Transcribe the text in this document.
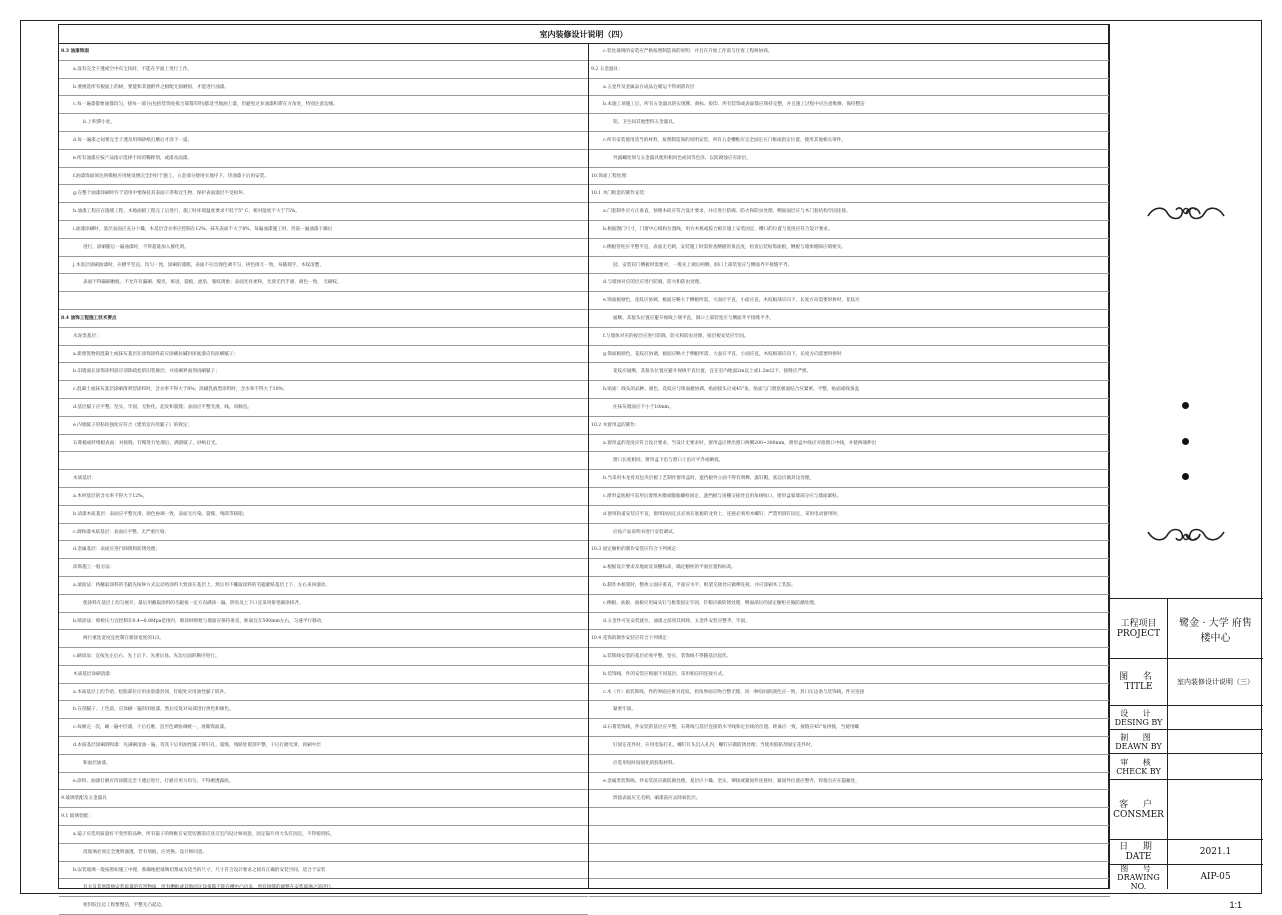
室内装修设计说明（四）
8.3 油漆饰面
a.没有完全干透或空中有尘扶时，不能在平面上进行工作。
b.要挑选所有板面上的树，要能和其他附件之相配无损磨损，才能进行油漆。
c.每一遍漆都要油都均匀，接每一部分(包括装饰处接合部都有明)都适当地油上漆，但避免过多油漆积滞在方角处，特别注意边缘。
b.上积滞小处。
d.每一遍漆之间要完全干透及用细砂纸打磨后才涂下一道。
e.所有油漆应按产品指示选择不同的稀释剂，或漆及面漆。
f.油漆饰面须达到模板应用统设图完全封好于施工，五金部分使用实地序下，待油漆干后再安装。
g.在整个油漆涂刷时许于适用中要保持其表面干净和宜生物，保护表面漆层不受损坏。
h.油漆工程应在施墙工程，木地面板工程完工后进行，施工时环境温度要求不低于5° C，相对湿度不大于75%。
i.油漆涂刷时，基层表面应充分干燥，木基层含水率应控制在12%，抹灰表面不大于8%，每遍油漆施工时，待前一遍油漆干燥后
进行，涂刷随后一遍油漆时，不得超量加入催化剂。
j.木基层涂刷油漆时，应横平竖直，均匀一致，涂刷的漆膜，表面不应出现色调不匀，拼色排互一致，每随现手，木纹清楚，
表面不得漏刷磨痕，不允许有漏刷、脱皮、斑迹、裂痕、流坠、皱纹现象；表面光亮柔和，光滑无挡手感，颜色一致， 无刷纹。
8.4 油饰工程施工技术要点
水泥类基层：
a.新建筑物的混凝土或抹灰基层在涂饰涂料前应涂刷抗碱封闭底漆应均涂刷腻子；
b.旧墙面在涂饰涂料前应清除疏松的旧装修层，并涂刷界面剂再刷腻子；
c.混凝土或抹灰基层涂刷溶剂型涂料时，含水率不得大于8%；涂刷乳液型涂料时，含水率不得大于10%；
d.基层腻子应平整、坚实、牢固，无粉化、起皮和裂缝；表面应平整光滑，线、角顺直。
e.内墙腻子的粘结强度应符合《建筑室内用腻子》的规定；
石膏板或纤维板表面：对接缝、钉帽进行处理后，满刮腻子，砂纸打光。
木质基层：
a.木材基层的含水率不得大于12%。
b.清漆木质基层：表面应平整光滑，颜色协调一致，表面无污染、裂缝、残缺等缺陷；
c.调和漆木质基层：表面应平整、无严重污染；
d.金属基层：表面应进行除锈和防锈处理；
涂饰施工一般方法：
a.滚涂法：将蘸取涂料的毛辊先按W方式运动将涂料大致涂在基层上，然后用不蘸取涂料的毛辊紧贴基层上下、左右来回滚动，
使涂料在基层上均匀展开，最后用蘸取涂料的毛辊按一定方向满涂一遍，阴角及上下口宜采用排笔刷涂找齐。
b.喷涂法：喷枪压力宜控制在0.4~0.8Mpa范围内，喷涂时喷枪与墙面应保持垂直，距离宜在500mm左右，匀速平行移动，
两行重迭宽度宜控制在喷涂宽度的1/3。
c.刷涂法：宜按先左后右、先上后下、先难后易、先边后面的顺序进行。
木质基层涂刷清漆：
a.木质基层上的节疤、松脂部位应用虫胶漆封闭，钉眼处应用油性腻子嵌补。
b.在刮腻子、上色前，应涂刷一遍封闭底漆，然后反复对局部进行拼色和修色。
c.每修完一次，刷一遍中层漆，干后打磨，直至色调协调统一，再做饰面漆。
d.木质基层涂刷调和漆：先满刷清油一遍，待其干后用油性腻子将钉孔、裂缝、残缺处嵌刮平整，干后打磨光滑，再刷中层
和面层油漆。
e.涂料、油漆打磨应待涂膜完全干透后进行，打磨应用力均匀，不得磨透露底。
9.玻璃装配及五金器具
9.1 玻璃装配：
a.镜子应选用质量好不变形的品种，所有镜子的鲜框在安装切割前应送交室内设计师同意，固定镜片用大头钉固定，不得使用胶。
清玻璃必须完全透明通透，若有划痕，应更换。设计师同意。
b.安装玻璃一般按照如施工中理，准确地把玻璃切割成为适当的尺寸，尺寸符合设计要求之间有正确的安装空间，适合于安装
有关及其他影响安装质量的有害物质，所有槽框或其他固定设备都不能在槽中凸出来，所有接缝的调整在安装玻璃之前进行。
密封胶注边工程要整洁，平整无凸起边。
c.装化玻璃的安装应严格按照制造商的说明，并且在开始工作前与住客工程师协商。
9.2 五金器具：
a.五金件及金属品在成品仓储运不得剥落有层
b.本施工项施工后，所有五金器具的实现牌、商标、胶印、所有装饰或表面都应保持完整，并且施工过程中应注意维修，保持整洁
铝，卫生间其他塑料五金器具。
c.所有安装使用适当的材料，按照制造商的说明安装，所有五金槽框应完全固定在门框或指定位置，使用其他相关零件。
外露螺丝须与五金器具使用相同色或同等色泽，以防腐蚀应有涂层。
10.饰面工程处理：
10.1 木门框套的制作安装：
a.门套制作应方正垂直，预埋木砖应符合设计要求，并应进行防腐、防火和防虫处理，侧面面层应与木门套结构牢固连接。
b.根据图门尺寸，门窗中心线和位置线，用方木框或胶合板在墙上安装固定，槽口的位置与宽度应符合设计要求。
c.侧板管柱应平整平直，表面无毛刺，安装施工时需检查侧板的垂直度，检查后装贴饰面板，侧板与墙体缝隙应填密实。
园，安装铰门侧板时需要对，一般先上端后两侧，洞口上部装宽应与侧面齐平接缝平齐。
d.与墙体对应的层应进行防腐，防火和防虫处理。
e.饰面板颜色，花纹应协调，板面应略大于侧板所需，大面应平直，小面应直，木纹根部应向下，长度方向需要时拼时，花纹应
通顺，其接头位置应避开视线上端平直，洞口上部装宽应与侧面齐平接缝平齐。
f.与墙体对应的接层应进行防腐，防火和防虫处理，接层板安装应牢固。
g.饰面板颜色，花纹应协调，板面应略大于侧板所需，大面应平直，小面应直，木纹根部应向下，长度方向需要时拼时
花纹应通顺，其接头位置应避开视线平直位置，宜在室内地面2m以上或1.2m以下，接缝应严密。
h.贴面：线头的品种、颜色、花纹应与饰面板协调，贴面接头应成45°角，贴面与门窗套板面结合应紧密、平整，贴面或线条盖
住抹灰墙面应不小于10mm。
10.2 木窗帘盒的制作：
a.窗帘盒的宽度应符合设计要求，当设计无要求时，窗帘盒应伸出窗口两侧200~300mm，窗帘盒中线应对准窗口中线，并使两端伸出
窗口长度相同，窗帘盒下沿与窗口上沿应平齐或略低。
b.当采用木龙骨双包夹层板工艺制作窗帘盒时，遮挡板外立面不得有明榫、露钉帽，底边应做封边处理。
c.窗帘盒底板可采用后置埋木楔或膨胀螺栓固定，遮挡板与顶棚交接处宜用角线收口，窗帘盒靠墙部分应与墙面紧贴。
d.窗帘轨道安装应平直，窗帘轨固定点必须在底板的龙骨上，连接必须用木螺钉，严禁用圆钉固定，采用电动窗帘时，
应按产品说明书进行安装调试。
10.3 固定橱柜的制作安装应符合下列规定：
a.根据设计要求及地面及顶棚标高，确定橱柜的平面位置和标高。
b.制作木框架时，整体立面应垂直，平面应水平，框架交接处应做榫连接，并应涂刷木工乳胶。
c.侧板、底板、面板应用扁头钉与框架固定牢固，钉帽应做防锈处理，侧面部位的固定橱柜应做防潮处理。
d.五金件可先安装就位，油漆之前将其拆除，五金件安装应整齐，牢固。
10.4 花饰的制作安装应符合下列规定：
a.装饰线安装的基层必须平整、坚实，装饰线不得随基层起伏。
b.装饰线，件的安装应根据不同基层，采用相应的连接方式。
c.木（竹）质装饰线，件的界面应拼对花纹，拐角界面应吻合整无缝，同一种房间的颜色应一致，封口压边条与装饰线，件应连接
紧密牢固。
d.石膏装饰线，件安装的基层应平整，石膏线与基层连接的水平线和定位线的位置、距离应一致，接缝应45°角拼接，当使用螺
钉固定花件时，应用电钻打孔，螺钉钉头沉入孔内，螺钉应做防锈处理；当使用胶粘剂固定花件时，
应选用短时间固化的胶粘材料。
e.金属类装饰线、件安装前应做防腐处理，基层应干燥、坚实，铆接或紧固件连接时，紧固件位置应整齐，焊接点应在隐蔽处，
焊接表面应无毛刺，刷漆前应去除氧化层。
工程项目
PROJECT
鹭金 · 大学 府售楼中心
图 名
TITLE	室内装修设计说明（三）
设 计
DESING BY
制 图
DEAWN BY
审 核
CHECK BY
客 户
CONSMER
日 期
DATE	2021.1
图 号
DRAWING NO.
AIP-05
1:1
